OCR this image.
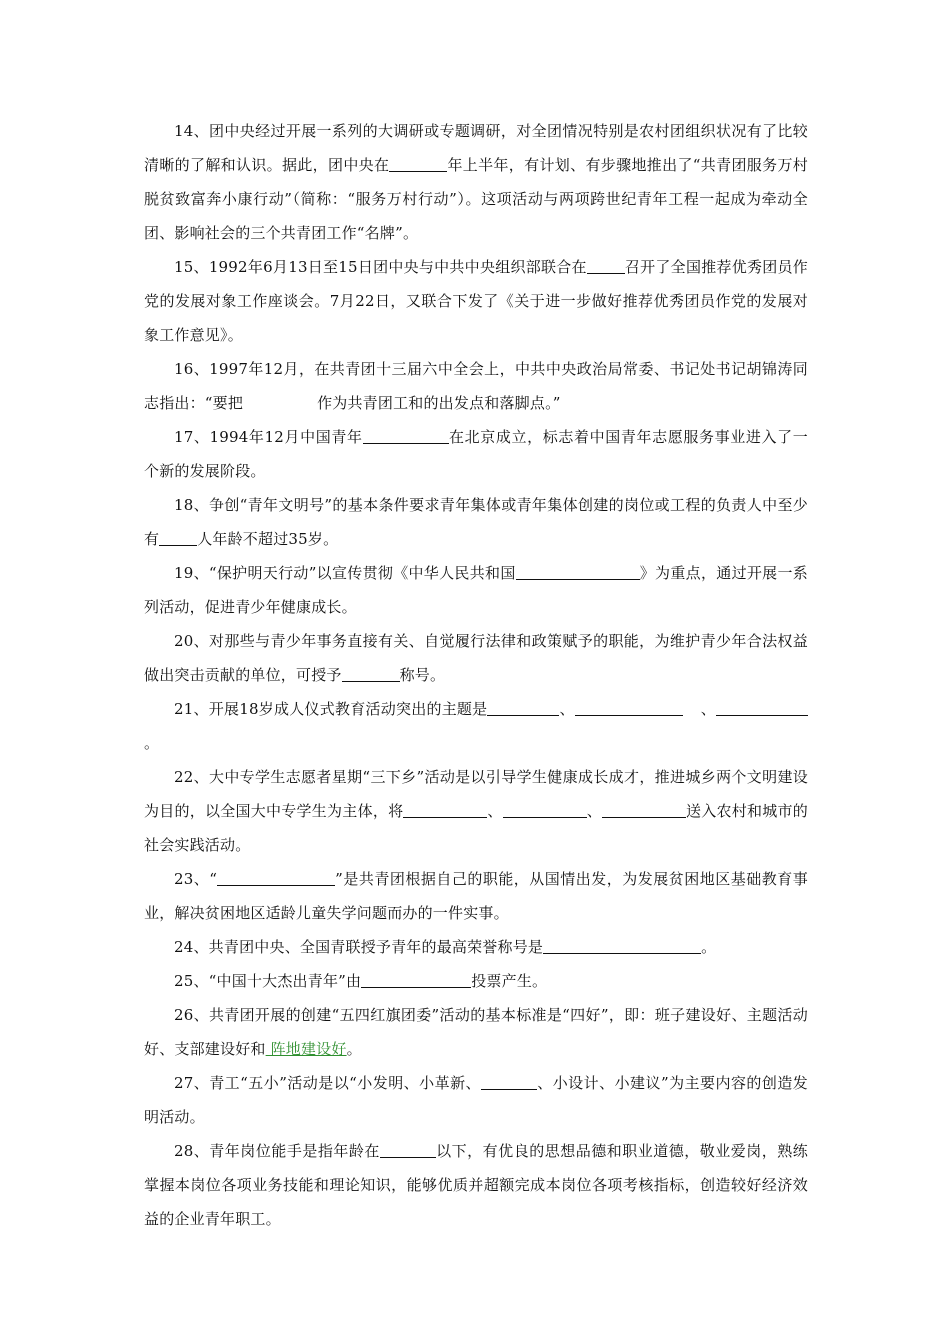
14、团中央经过开展一系列的大调研或专题调研，对全团情况特别是农村团组织状况有了比较清晰的了解和认识。据此，团中央在	年上半年，有计划、有步骤地推出了“共青团服务万村脱贫致富奔小康行动”（简称：“服务万村行动”）。这项活动与两项跨世纪青年工程一起成为牵动全团、影响社会的三个共青团工作“名牌”。

15、1992年6月13日至15日团中央与中共中央组织部联合在	召开了全国推荐优秀团员作党的发展对象工作座谈会。7月22日，又联合下发了《关于进一步做好推荐优秀团员作党的发展对象工作意见》。

16、1997年12月，在共青团十三届六中全会上，中共中央政治局常委、书记处书记胡锦涛同志指出：“要把	作为共青团工和的出发点和落脚点。”

17、1994年12月中国青年	在北京成立，标志着中国青年志愿服务事业进入了一个新的发展阶段。

18、争创“青年文明号”的基本条件要求青年集体或青年集体创建的岗位或工程的负责人中至少有	人年龄不超过35岁。

19、“保护明天行动”以宣传贯彻《中华人民共和国	》为重点，通过开展一系列活动，促进青少年健康成长。

20、对那些与青少年事务直接有关、自觉履行法律和政策赋予的职能，为维护青少年合法权益做出突击贡献的单位，可授予	称号。

21、开展18岁成人仪式教育活动突出的主题是	、	、。

22、大中专学生志愿者星期“三下乡”活动是以引导学生健康成长成才，推进城乡两个文明建设为目的，以全国大中专学生为主体，将	、	、	送入农村和城市的社会实践活动。

23、“	”是共青团根据自己的职能，从国情出发，为发展贫困地区基础教育事业，解决贫困地区适龄儿童失学问题而办的一件实事。

24、共青团中央、全国青联授予青年的最高荣誉称号是	。

25、“中国十大杰出青年”由	投票产生。

26、共青团开展的创建“五四红旗团委”活动的基本标准是“四好”，即：班子建设好、主题活动好、支部建设好和 阵地建设好。

27、青工“五小”活动是以“小发明、小革新、	、小设计、小建议”为主要内容的创造发明活动。

28、青年岗位能手是指年龄在	以下，有优良的思想品德和职业道德，敬业爱岗，熟练掌握本岗位各项业务技能和理论知识，能够优质并超额完成本岗位各项考核指标，创造较好经济效益的企业青年职工。
